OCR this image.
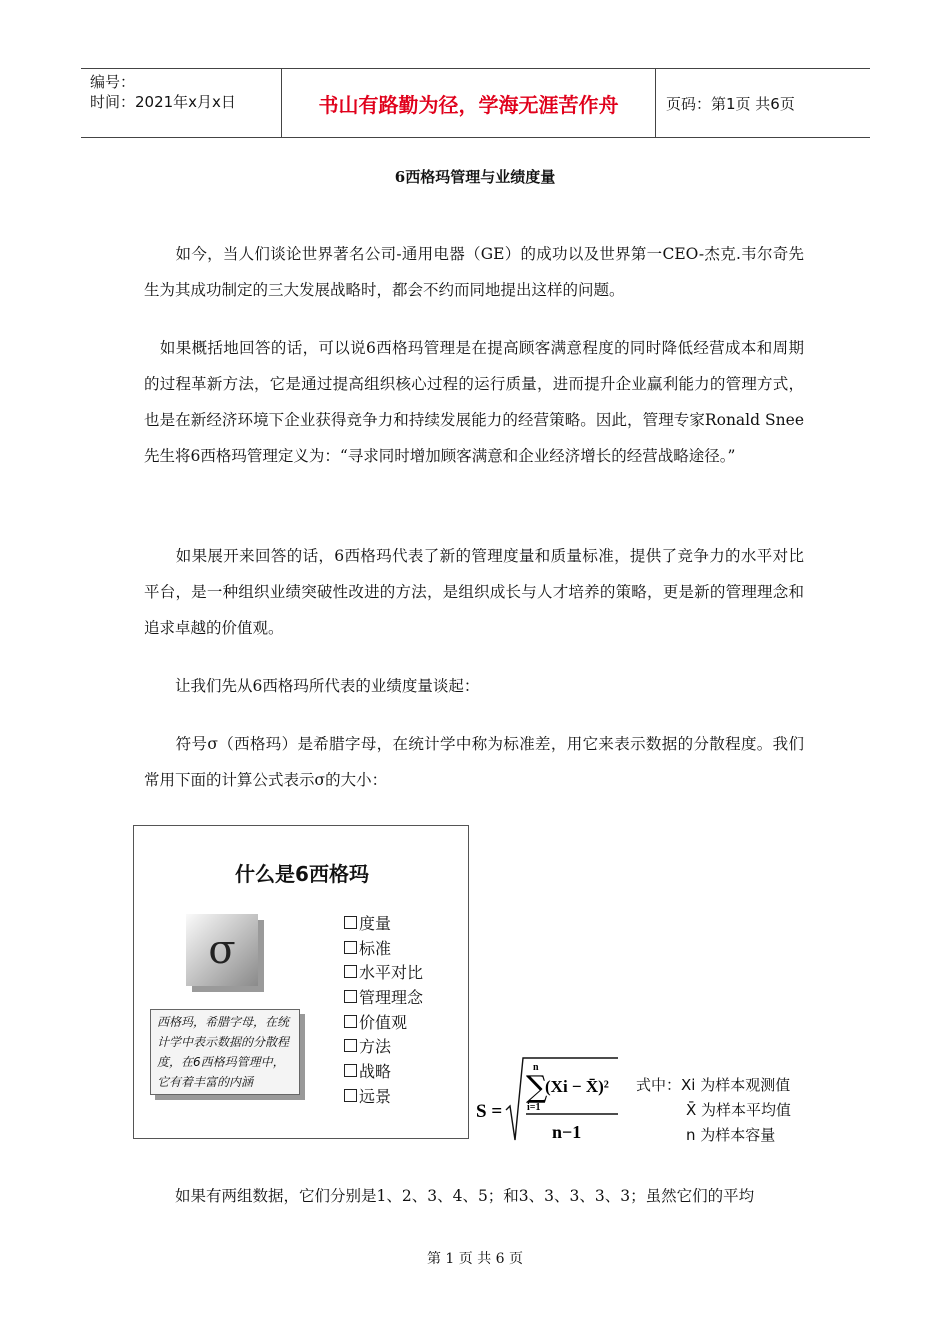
编号：
时间：2021年x月x日	书山有路勤为径，学海无涯苦作舟	页码：第1页 共6页
6西格玛管理与业绩度量
　　如今，当人们谈论世界著名公司-通用电器（GE）的成功以及世界第一CEO-杰克.韦尔奇先生为其成功制定的三大发展战略时，都会不约而同地提出这样的问题。
　如果概括地回答的话，可以说6西格玛管理是在提高顾客满意程度的同时降低经营成本和周期的过程革新方法，它是通过提高组织核心过程的运行质量，进而提升企业赢利能力的管理方式，也是在新经济环境下企业获得竞争力和持续发展能力的经营策略。因此，管理专家Ronald Snee先生将6西格玛管理定义为：“寻求同时增加顾客满意和企业经济增长的经营战略途径。”
　　如果展开来回答的话，6西格玛代表了新的管理度量和质量标准，提供了竞争力的水平对比平台，是一种组织业绩突破性改进的方法，是组织成长与人才培养的策略，更是新的管理理念和追求卓越的价值观。
　　让我们先从6西格玛所代表的业绩度量谈起：
　　符号σ（西格玛）是希腊字母，在统计学中称为标准差，用它来表示数据的分散程度。我们常用下面的计算公式表示σ的大小：
什么是6西格玛
σ
西格玛，希腊字母，在统计学中表示数据的分散程度，在6西格玛管理中，它有着丰富的内涵
度量
标准
水平对比
管理理念
价值观
方法
战略
远景
S =
n
∑
i=1
(Xi − X̄)²
n−1
式中：Xi 为样本观测值
X̄ 为样本平均值
n 为样本容量
　　如果有两组数据，它们分别是1、2、3、4、5；和3、3、3、3、3；虽然它们的平均
第 1 页 共 6 页
